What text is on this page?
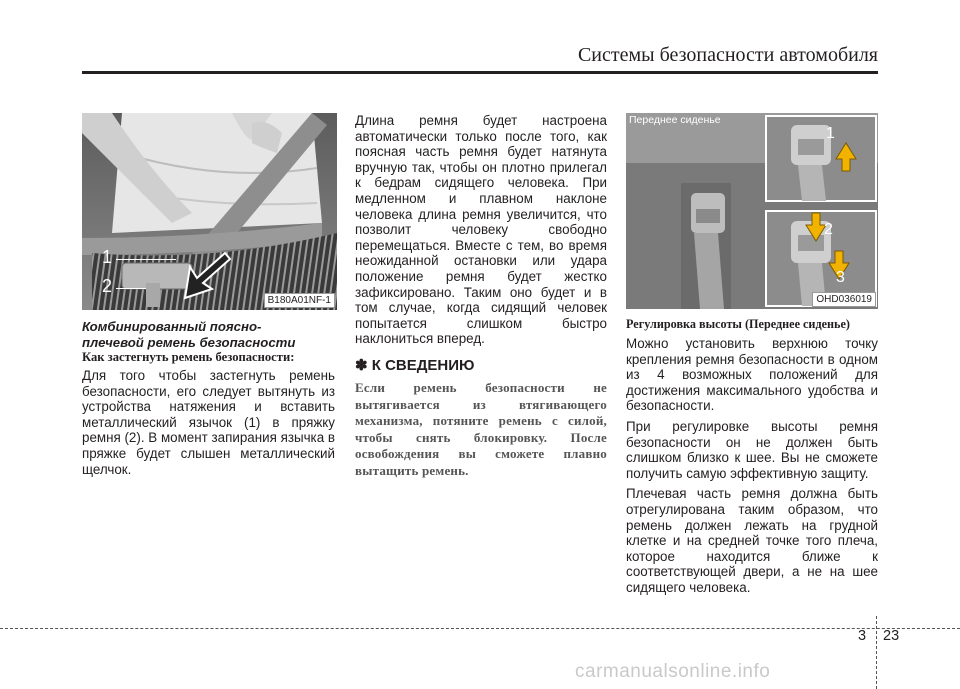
Системы безопасности автомобиля
1
2
B180A01NF-1
Комбинированный поясно-плечевой ремень безопасности
Как застегнуть ремень безопасности:
Для того чтобы застегнуть ремень безопасности, его следует вытянуть из устройства натяжения и вставить металлический язычок (1) в пряжку ремня (2). В момент запирания язычка в пряжке будет слышен металлический щелчок.
Длина ремня будет настроена автоматически только после того, как поясная часть ремня будет натянута вручную так, чтобы он плотно прилегал к бедрам сидящего человека. При медленном и плавном наклоне человека длина ремня увеличится, что позволит человеку свободно перемещаться. Вместе с тем, во время неожиданной остановки или удара положение ремня будет жестко зафиксировано. Таким оно будет и в том случае, когда сидящий человек попытается слишком быстро наклониться вперед.
✽ К СВЕДЕНИЮ
Если ремень безопасности не вытягивается из втягивающего механизма, потяните ремень с силой, чтобы снять блокировку. После освобождения вы сможете плавно вытащить ремень.
Переднее сиденье
1
2
3
OHD036019
Регулировка высоты (Переднее сиденье)

Можно установить верхнюю точку крепления ремня безопасности в одном из 4 возможных положений для достижения максимального удобства и безопасности.

При регулировке высоты ремня безопасности он не должен быть слишком близко к шее. Вы не сможете получить самую эффективную защиту.

Плечевая часть ремня должна быть отрегулирована таким образом, что ремень должен лежать на грудной клетке и на средней точке того плеча, которое находится ближе к соответствующей двери, а не на шее сидящего человека.

3 23
carmanualsonline.info
